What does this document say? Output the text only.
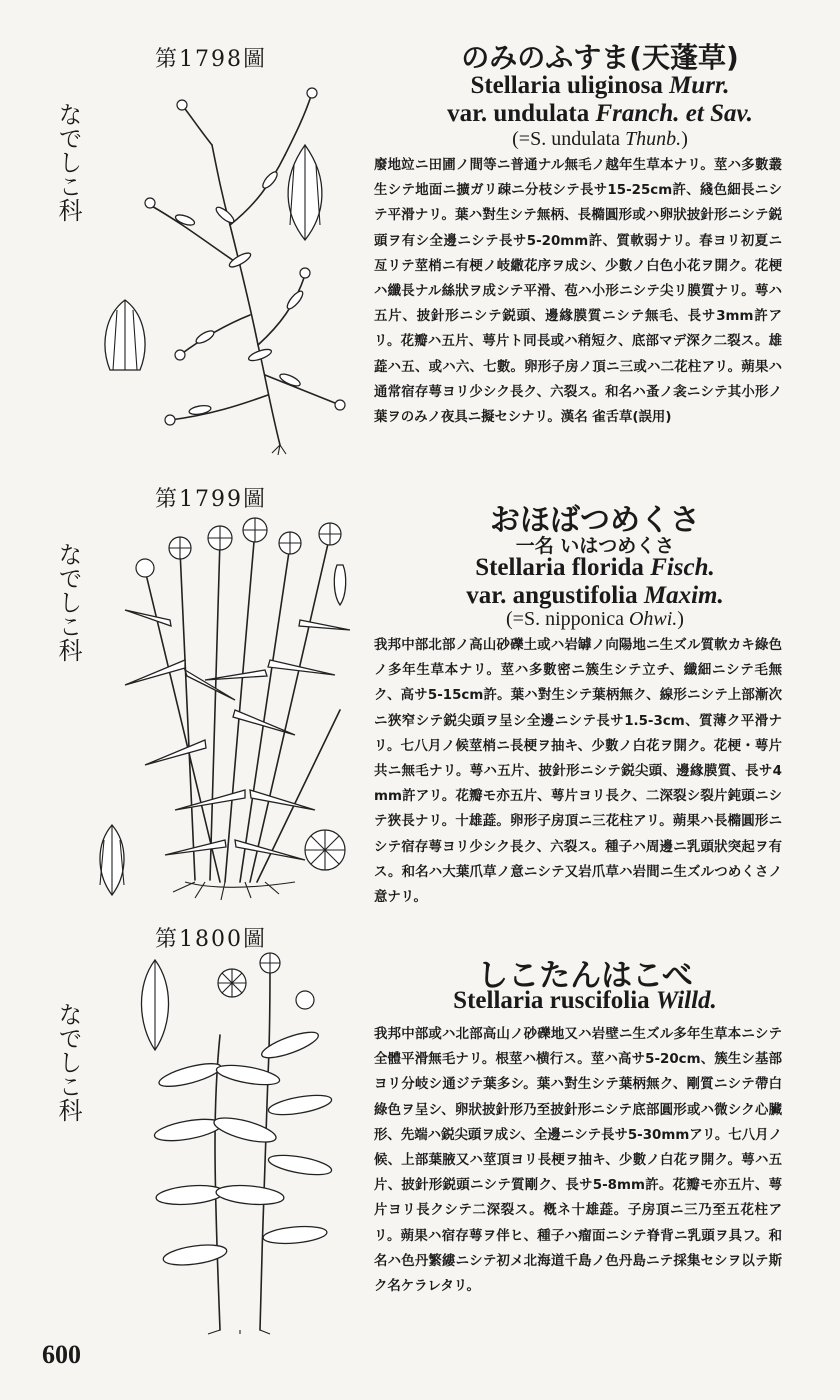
第1798圖
なでしこ科
のみのふすま(天蓬草)
Stellaria uliginosa Murr.
var. undulata Franch. et Sav.
(=S. undulata Thunb.)
廢地竝ニ田圃ノ間等ニ普通ナル無毛ノ越年生草本ナリ。莖ハ多數叢生シテ地面ニ擴ガリ疎ニ分枝シテ長サ15-25cm許、綫色細長ニシテ平滑ナリ。葉ハ對生シテ無柄、長橢圓形或ハ卵狀披針形ニシテ鋭頭ヲ有シ全邊ニシテ長サ5-20mm許、質軟弱ナリ。春ヨリ初夏ニ亙リテ莖梢ニ有梗ノ岐繖花序ヲ成シ、少數ノ白色小花ヲ開ク。花梗ハ纖長ナル絲狀ヲ成シテ平滑、苞ハ小形ニシテ尖リ膜質ナリ。萼ハ五片、披針形ニシテ鋭頭、邊緣膜質ニシテ無毛、長サ3mm許アリ。花瓣ハ五片、萼片ト同長或ハ稍短ク、底部マデ深ク二裂ス。雄蕋ハ五、或ハ六、七數。卵形子房ノ頂ニ三或ハ二花柱アリ。蒴果ハ通常宿存萼ヨリ少シク長ク、六裂ス。和名ハ蚤ノ衾ニシテ其小形ノ葉ヲのみノ夜具ニ擬セシナリ。漢名 雀舌草(誤用)
第1799圖
なでしこ科
おほばつめくさ
一名 いはつめくさ
Stellaria florida Fisch.
var. angustifolia Maxim.
(=S. nipponica Ohwi.)
我邦中部北部ノ高山砂礫土或ハ岩罅ノ向陽地ニ生ズル質軟カキ綠色ノ多年生草本ナリ。莖ハ多數密ニ簇生シテ立チ、纖細ニシテ毛無ク、高サ5-15cm許。葉ハ對生シテ葉柄無ク、線形ニシテ上部漸次ニ狹窄シテ鋭尖頭ヲ呈シ全邊ニシテ長サ1.5-3cm、質薄ク平滑ナリ。七八月ノ候莖梢ニ長梗ヲ抽キ、少數ノ白花ヲ開ク。花梗・萼片共ニ無毛ナリ。萼ハ五片、披針形ニシテ鋭尖頭、邊緣膜質、長サ4mm許アリ。花瓣モ亦五片、萼片ヨリ長ク、二深裂シ裂片鈍頭ニシテ狹長ナリ。十雄蕋。卵形子房頂ニ三花柱アリ。蒴果ハ長橢圓形ニシテ宿存萼ヨリ少シク長ク、六裂ス。種子ハ周邊ニ乳頭狀突起ヲ有ス。和名ハ大葉爪草ノ意ニシテ又岩爪草ハ岩間ニ生ズルつめくさノ意ナリ。
第1800圖
なでしこ科
しこたんはこべ
Stellaria ruscifolia Willd.
我邦中部或ハ北部高山ノ砂礫地又ハ岩壁ニ生ズル多年生草本ニシテ全體平滑無毛ナリ。根莖ハ横行ス。莖ハ高サ5-20cm、簇生シ基部ヨリ分岐シ通ジテ葉多シ。葉ハ對生シテ葉柄無ク、剛質ニシテ帶白綠色ヲ呈シ、卵狀披針形乃至披針形ニシテ底部圓形或ハ微シク心臟形、先端ハ鋭尖頭ヲ成シ、全邊ニシテ長サ5-30mmアリ。七八月ノ候、上部葉腋又ハ莖頂ヨリ長梗ヲ抽キ、少數ノ白花ヲ開ク。萼ハ五片、披針形鋭頭ニシテ質剛ク、長サ5-8mm許。花瓣モ亦五片、萼片ヨリ長クシテ二深裂ス。槪ネ十雄蕋。子房頂ニ三乃至五花柱アリ。蒴果ハ宿存萼ヲ伴ヒ、種子ハ瘤面ニシテ脊背ニ乳頭ヲ具フ。和名ハ色丹繁縷ニシテ初メ北海道千島ノ色丹島ニテ採集セシヲ以テ斯ク名ケラレタリ。
600
